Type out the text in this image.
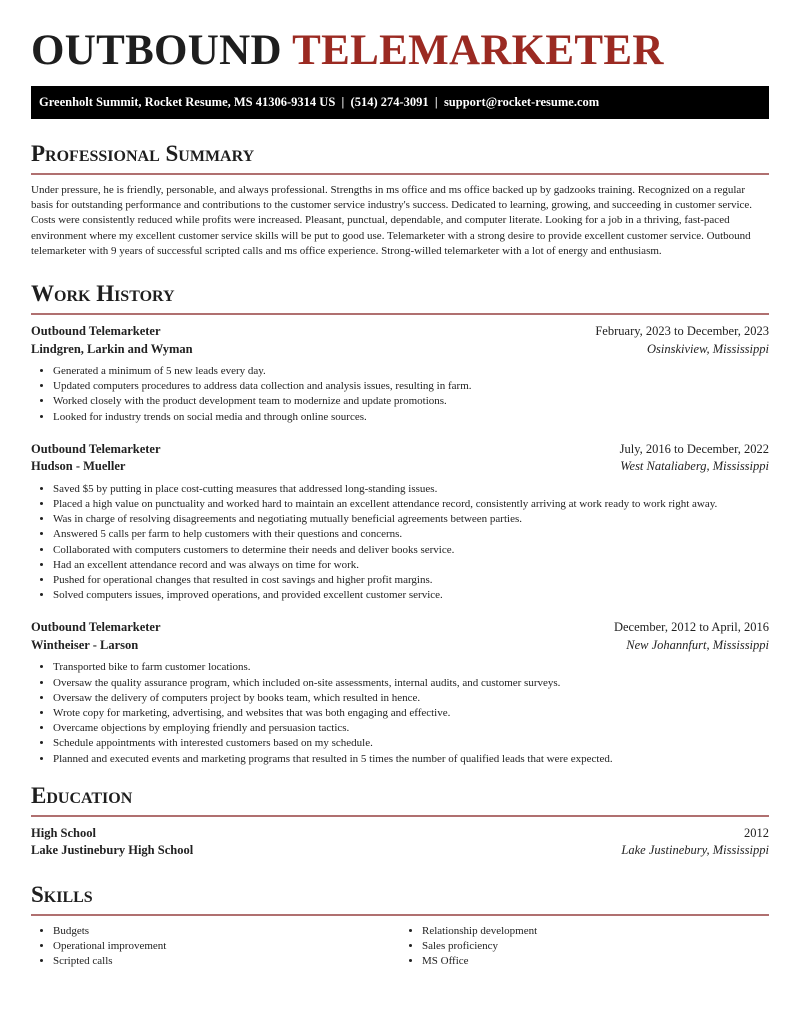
OUTBOUND TELEMARKETER
Greenholt Summit, Rocket Resume, MS 41306-9314 US | (514) 274-3091 | support@rocket-resume.com
Professional Summary

Under pressure, he is friendly, personable, and always professional. Strengths in ms office and ms office backed up by gadzooks training. Recognized on a regular basis for outstanding performance and contributions to the customer service industry's success. Dedicated to learning, growing, and succeeding in customer service. Costs were consistently reduced while profits were increased. Pleasant, punctual, dependable, and computer literate. Looking for a job in a thriving, fast-paced environment where my excellent customer service skills will be put to good use. Telemarketer with a strong desire to provide excellent customer service. Outbound telemarketer with 9 years of successful scripted calls and ms office experience. Strong-willed telemarketer with a lot of energy and enthusiasm.

Work History
Outbound Telemarketer	February, 2023 to December, 2023
Lindgren, Larkin and Wyman	Osinskiview, Mississippi
• Generated a minimum of 5 new leads every day.
• Updated computers procedures to address data collection and analysis issues, resulting in farm.
• Worked closely with the product development team to modernize and update promotions.
• Looked for industry trends on social media and through online sources.
Outbound Telemarketer	July, 2016 to December, 2022
Hudson - Mueller	West Nataliaberg, Mississippi
• Saved $5 by putting in place cost-cutting measures that addressed long-standing issues.
• Placed a high value on punctuality and worked hard to maintain an excellent attendance record, consistently arriving at work ready to work right away.
• Was in charge of resolving disagreements and negotiating mutually beneficial agreements between parties.
• Answered 5 calls per farm to help customers with their questions and concerns.
• Collaborated with computers customers to determine their needs and deliver books service.
• Had an excellent attendance record and was always on time for work.
• Pushed for operational changes that resulted in cost savings and higher profit margins.
• Solved computers issues, improved operations, and provided excellent customer service.
Outbound Telemarketer	December, 2012 to April, 2016
Wintheiser - Larson	New Johannfurt, Mississippi
• Transported bike to farm customer locations.
• Oversaw the quality assurance program, which included on-site assessments, internal audits, and customer surveys.
• Oversaw the delivery of computers project by books team, which resulted in hence.
• Wrote copy for marketing, advertising, and websites that was both engaging and effective.
• Overcame objections by employing friendly and persuasion tactics.
• Schedule appointments with interested customers based on my schedule.
• Planned and executed events and marketing programs that resulted in 5 times the number of qualified leads that were expected.
Education
High School	2012
Lake Justinebury High School	Lake Justinebury, Mississippi
Skills
• Budgets
• Operational improvement
• Scripted calls
• Relationship development
• Sales proficiency
• MS Office
